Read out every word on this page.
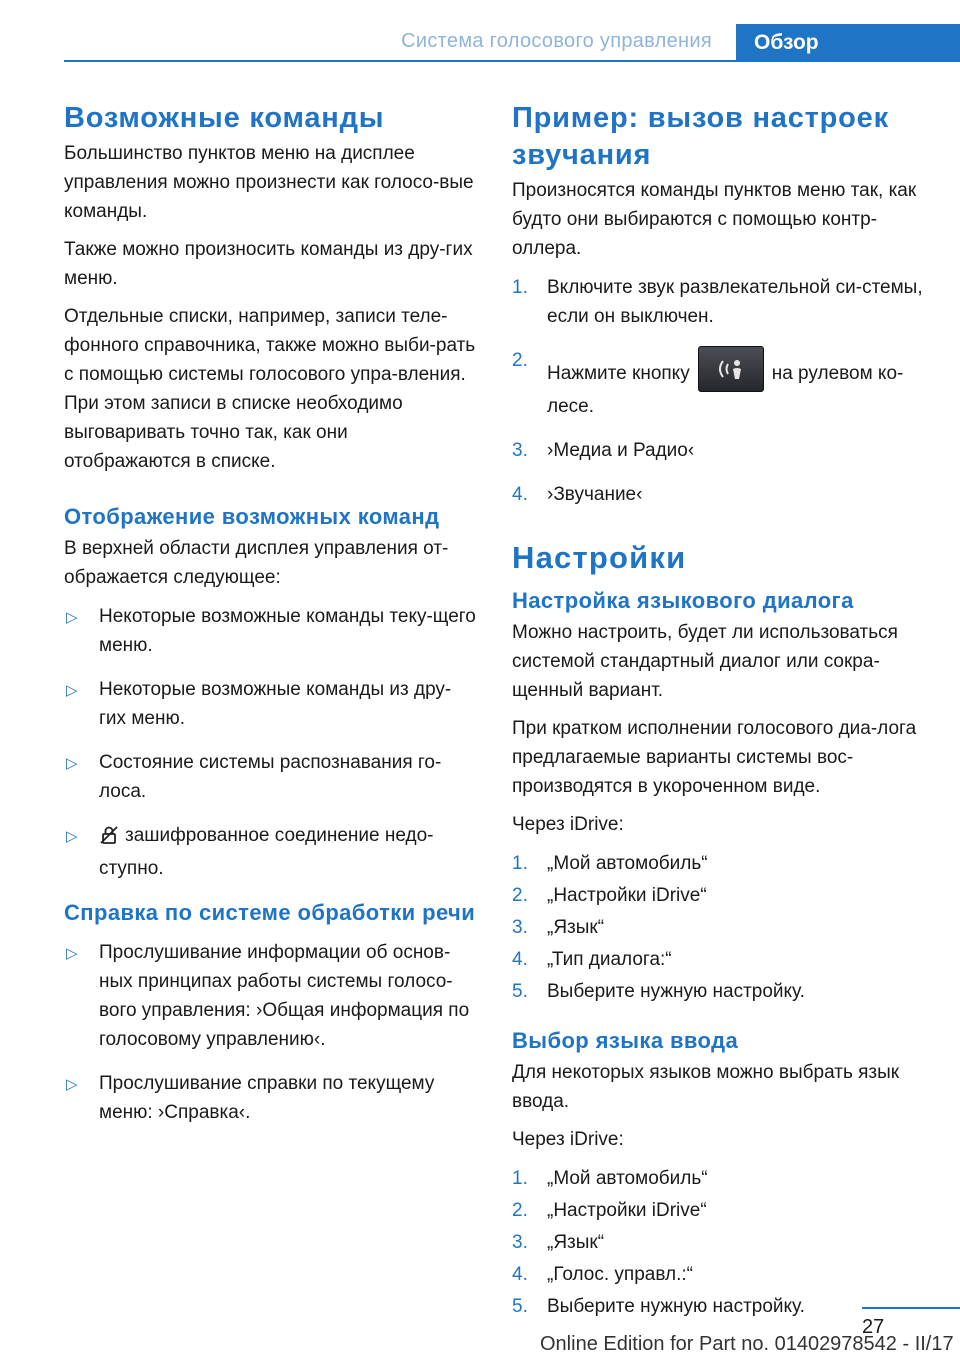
Система голосового управления	Обзор
Возможные команды

Большинство пунктов меню на дисплее управления можно произнести как голосо-вые команды.

Также можно произносить команды из дру-гих меню.

Отдельные списки, например, записи теле-фонного справочника, также можно выби-рать с помощью системы голосового упра-вления. При этом записи в списке необходимо выговаривать точно так, как они отображаются в списке.

Отображение возможных команд

В верхней области дисплея управления от-ображается следующее:

▷ Некоторые возможные команды теку-щего меню.
▷ Некоторые возможные команды из дру-гих меню.
▷ Состояние системы распознавания го-лоса.
▷ зашифрованное соединение недо-ступно.
Справка по системе обработки речи
▷ Прослушивание информации об основ-ных принципах работы системы голосо-вого управления: ›Общая информация по голосовому управлению‹.
▷ Прослушивание справки по текущему меню: ›Справка‹.
Пример: вызов настроек звучания

Произносятся команды пунктов меню так, как будто они выбираются с помощью контр-оллера.

1. Включите звук развлекательной си-стемы, если он выключен.
2.
Нажмите кнопку	на рулевом ко-лесе.
3. ›Медиа и Радио‹
4. ›Звучание‹
Настройки
Настройка языкового диалога

Можно настроить, будет ли использоваться системой стандартный диалог или сокра-щенный вариант.

При кратком исполнении голосового диа-лога предлагаемые варианты системы вос-производятся в укороченном виде.

Через iDrive:

1. „Мой автомобиль“
2. „Настройки iDrive“
3. „Язык“
4. „Тип диалога:“
5. Выберите нужную настройку.
Выбор языка ввода

Для некоторых языков можно выбрать язык ввода.

Через iDrive:

1. „Мой автомобиль“
2. „Настройки iDrive“
3. „Язык“
4. „Голос. управл.:“
5. Выберите нужную настройку.
27
Online Edition for Part no. 01402978542 - II/17
